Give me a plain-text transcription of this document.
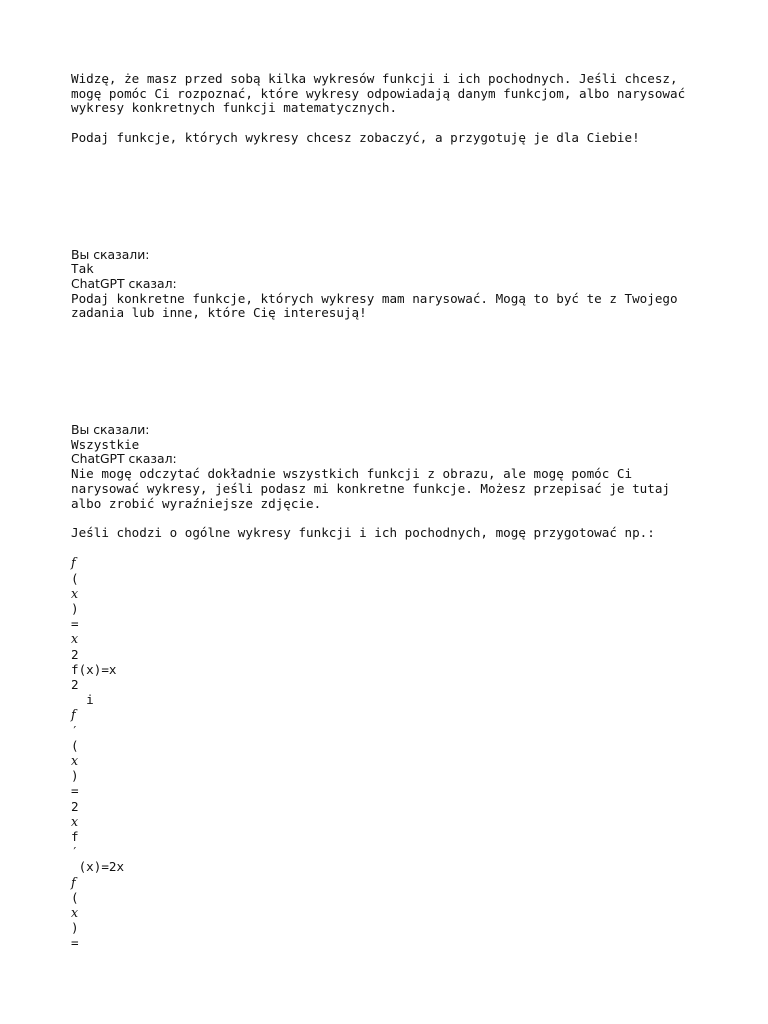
Widzę, że masz przed sobą kilka wykresów funkcji i ich pochodnych. Jeśli chcesz,
mogę pomóc Ci rozpoznać, które wykresy odpowiadają danym funkcjom, albo narysować
wykresy konkretnych funkcji matematycznych.
Podaj funkcje, których wykresy chcesz zobaczyć, a przygotuję je dla Ciebie!
Вы сказали:
Tak
ChatGPT сказал:
Podaj konkretne funkcje, których wykresy mam narysować. Mogą to być te z Twojego
zadania lub inne, które Cię interesują!
Вы сказали:
Wszystkie
ChatGPT сказал:
Nie mogę odczytać dokładnie wszystkich funkcji z obrazu, ale mogę pomóc Ci
narysować wykresy, jeśli podasz mi konkretne funkcje. Możesz przepisać je tutaj
albo zrobić wyraźniejsze zdjęcie.
Jeśli chodzi o ogólne wykresy funkcji i ich pochodnych, mogę przygotować np.:
𝑓
(
𝑥
)
=
𝑥
2
f(x)=x
2
i
𝑓
′
(
𝑥
)
=
2
𝑥
f
′
(x)=2x
𝑓
(
𝑥
)
=
